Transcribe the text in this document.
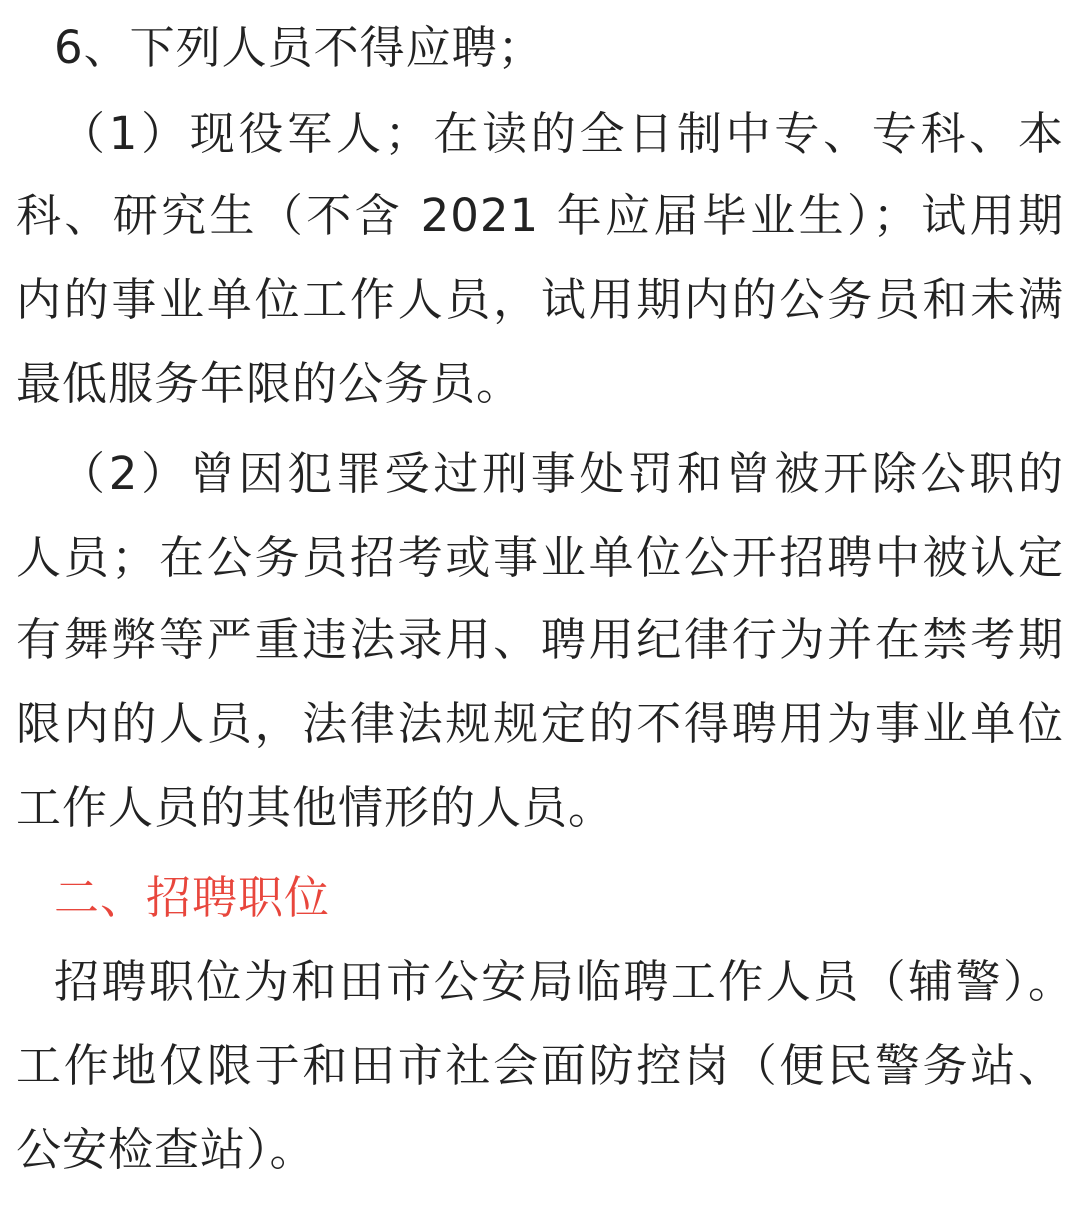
6、下列人员不得应聘；
（1）现役军人；在读的全日制中专、专科、本
科、研究生（不含 2021 年应届毕业生）；试用期
内的事业单位工作人员，试用期内的公务员和未满
最低服务年限的公务员。
（2）曾因犯罪受过刑事处罚和曾被开除公职的
人员；在公务员招考或事业单位公开招聘中被认定
有舞弊等严重违法录用、聘用纪律行为并在禁考期
限内的人员，法律法规规定的不得聘用为事业单位
工作人员的其他情形的人员。
二、招聘职位
招聘职位为和田市公安局临聘工作人员（辅警）。
工作地仅限于和田市社会面防控岗（便民警务站、
公安检查站）。
